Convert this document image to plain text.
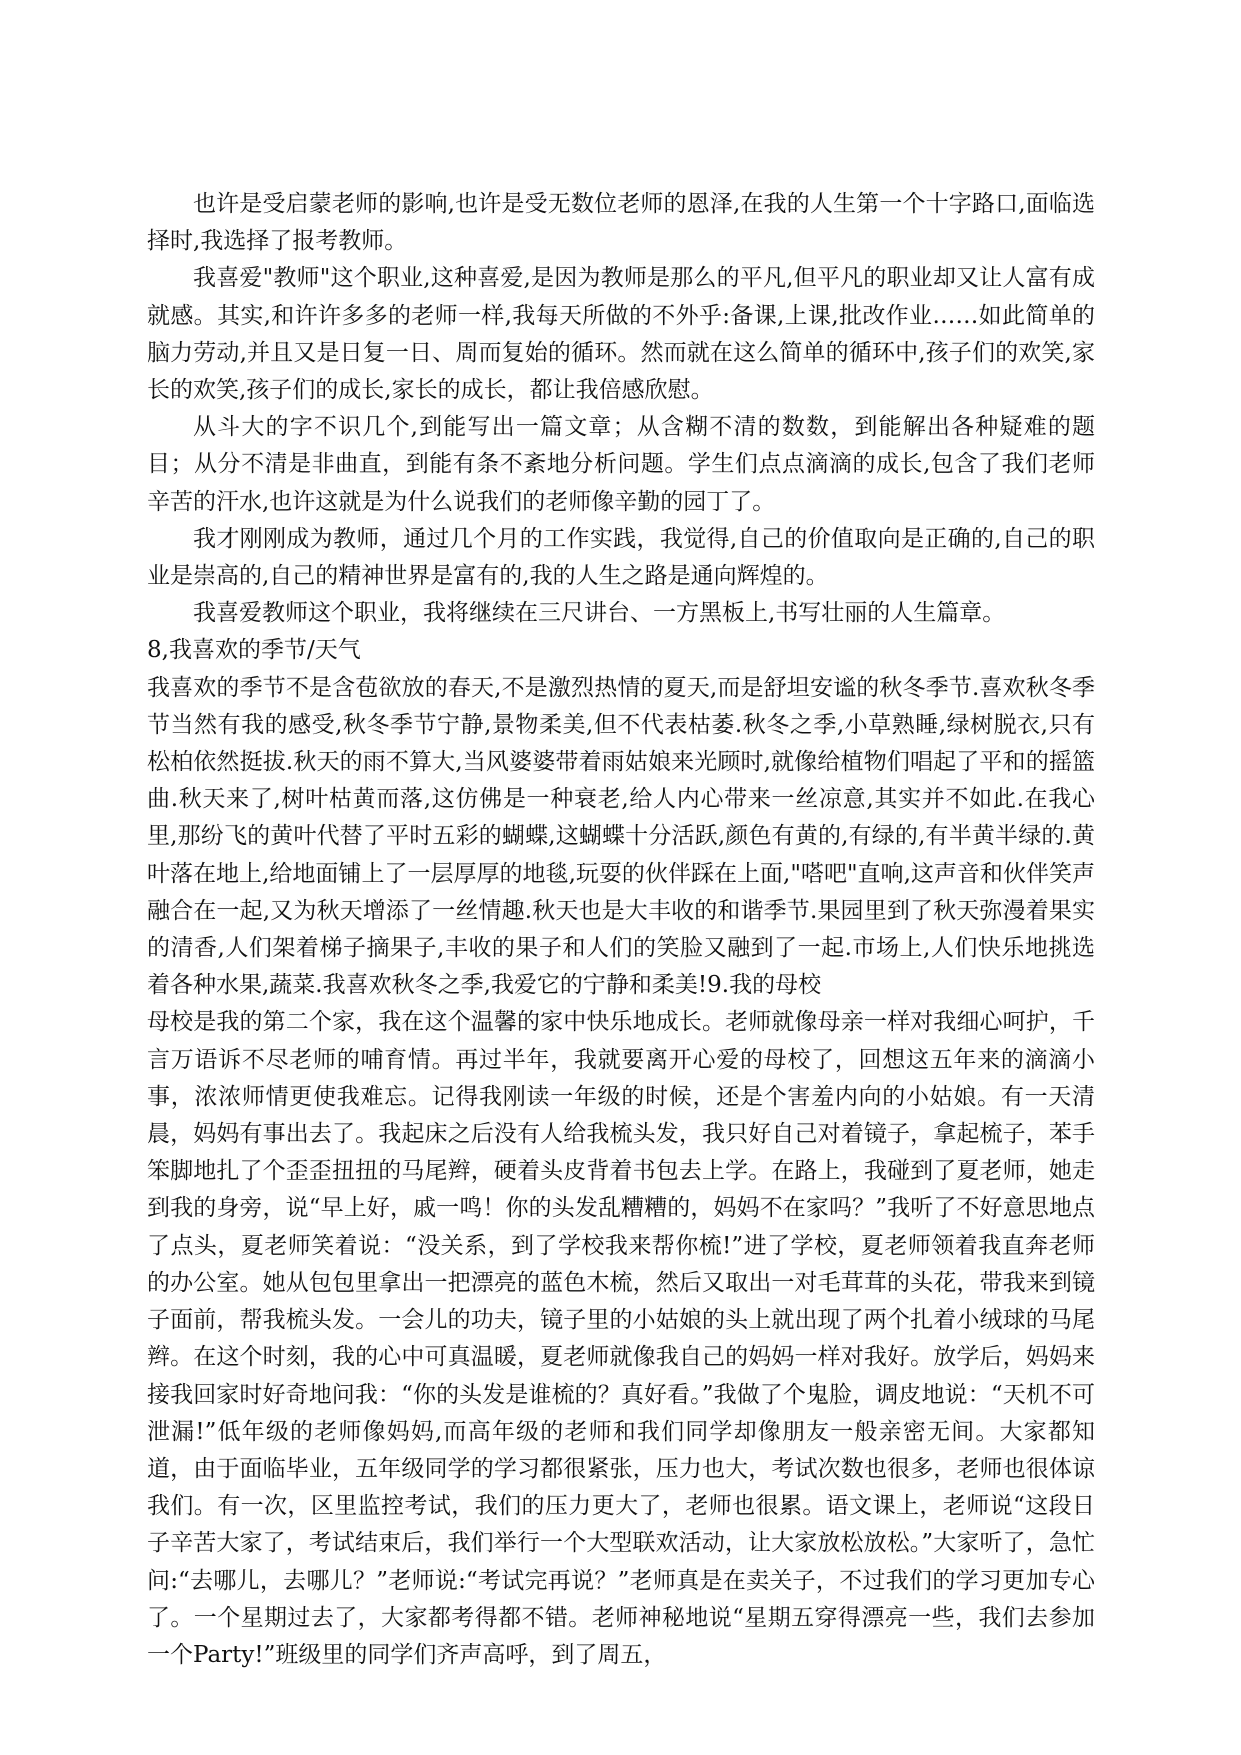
也许是受启蒙老师的影响,也许是受无数位老师的恩泽,在我的人生第一个十字路口,面临选择时,我选择了报考教师。

我喜爱"教师"这个职业,这种喜爱,是因为教师是那么的平凡,但平凡的职业却又让人富有成就感。其实,和许许多多的老师一样,我每天所做的不外乎:备课,上课,批改作业……如此简单的脑力劳动,并且又是日复一日、周而复始的循环。然而就在这么简单的循环中,孩子们的欢笑,家长的欢笑,孩子们的成长,家长的成长，都让我倍感欣慰。

从斗大的字不识几个,到能写出一篇文章；从含糊不清的数数，到能解出各种疑难的题目；从分不清是非曲直，到能有条不紊地分析问题。学生们点点滴滴的成长,包含了我们老师辛苦的汗水,也许这就是为什么说我们的老师像辛勤的园丁了。

我才刚刚成为教师，通过几个月的工作实践，我觉得,自己的价值取向是正确的,自己的职业是崇高的,自己的精神世界是富有的,我的人生之路是通向辉煌的。

我喜爱教师这个职业，我将继续在三尺讲台、一方黑板上,书写壮丽的人生篇章。

8,我喜欢的季节/天气

我喜欢的季节不是含苞欲放的春天,不是激烈热情的夏天,而是舒坦安谧的秋冬季节.喜欢秋冬季节当然有我的感受,秋冬季节宁静,景物柔美,但不代表枯萎.秋冬之季,小草熟睡,绿树脱衣,只有松柏依然挺拔.秋天的雨不算大,当风婆婆带着雨姑娘来光顾时,就像给植物们唱起了平和的摇篮曲.秋天来了,树叶枯黄而落,这仿佛是一种衰老,给人内心带来一丝凉意,其实并不如此.在我心里,那纷飞的黄叶代替了平时五彩的蝴蝶,这蝴蝶十分活跃,颜色有黄的,有绿的,有半黄半绿的.黄叶落在地上,给地面铺上了一层厚厚的地毯,玩耍的伙伴踩在上面,"嗒吧"直响,这声音和伙伴笑声融合在一起,又为秋天增添了一丝情趣.秋天也是大丰收的和谐季节.果园里到了秋天弥漫着果实的清香,人们架着梯子摘果子,丰收的果子和人们的笑脸又融到了一起.市场上,人们快乐地挑选着各种水果,蔬菜.我喜欢秋冬之季,我爱它的宁静和柔美!9.我的母校

母校是我的第二个家，我在这个温馨的家中快乐地成长。老师就像母亲一样对我细心呵护，千言万语诉不尽老师的哺育情。再过半年，我就要离开心爱的母校了，回想这五年来的滴滴小事，浓浓师情更使我难忘。记得我刚读一年级的时候，还是个害羞内向的小姑娘。有一天清晨，妈妈有事出去了。我起床之后没有人给我梳头发，我只好自己对着镜子，拿起梳子，苯手笨脚地扎了个歪歪扭扭的马尾辫，硬着头皮背着书包去上学。在路上，我碰到了夏老师，她走到我的身旁，说“早上好，戚一鸣！你的头发乱糟糟的，妈妈不在家吗？”我听了不好意思地点了点头，夏老师笑着说：“没关系，到了学校我来帮你梳!”进了学校，夏老师领着我直奔老师的办公室。她从包包里拿出一把漂亮的蓝色木梳，然后又取出一对毛茸茸的头花，带我来到镜子面前，帮我梳头发。一会儿的功夫，镜子里的小姑娘的头上就出现了两个扎着小绒球的马尾辫。在这个时刻，我的心中可真温暖，夏老师就像我自己的妈妈一样对我好。放学后，妈妈来接我回家时好奇地问我：“你的头发是谁梳的？真好看。”我做了个鬼脸，调皮地说：“天机不可泄漏!”低年级的老师像妈妈,而高年级的老师和我们同学却像朋友一般亲密无间。大家都知道，由于面临毕业，五年级同学的学习都很紧张，压力也大，考试次数也很多，老师也很体谅我们。有一次，区里监控考试，我们的压力更大了，老师也很累。语文课上，老师说“这段日子辛苦大家了，考试结束后，我们举行一个大型联欢活动，让大家放松放松。”大家听了，急忙问:“去哪儿，去哪儿？”老师说:“考试完再说？”老师真是在卖关子，不过我们的学习更加专心了。一个星期过去了，大家都考得都不错。老师神秘地说“星期五穿得漂亮一些，我们去参加一个Party!”班级里的同学们齐声高呼，到了周五，
